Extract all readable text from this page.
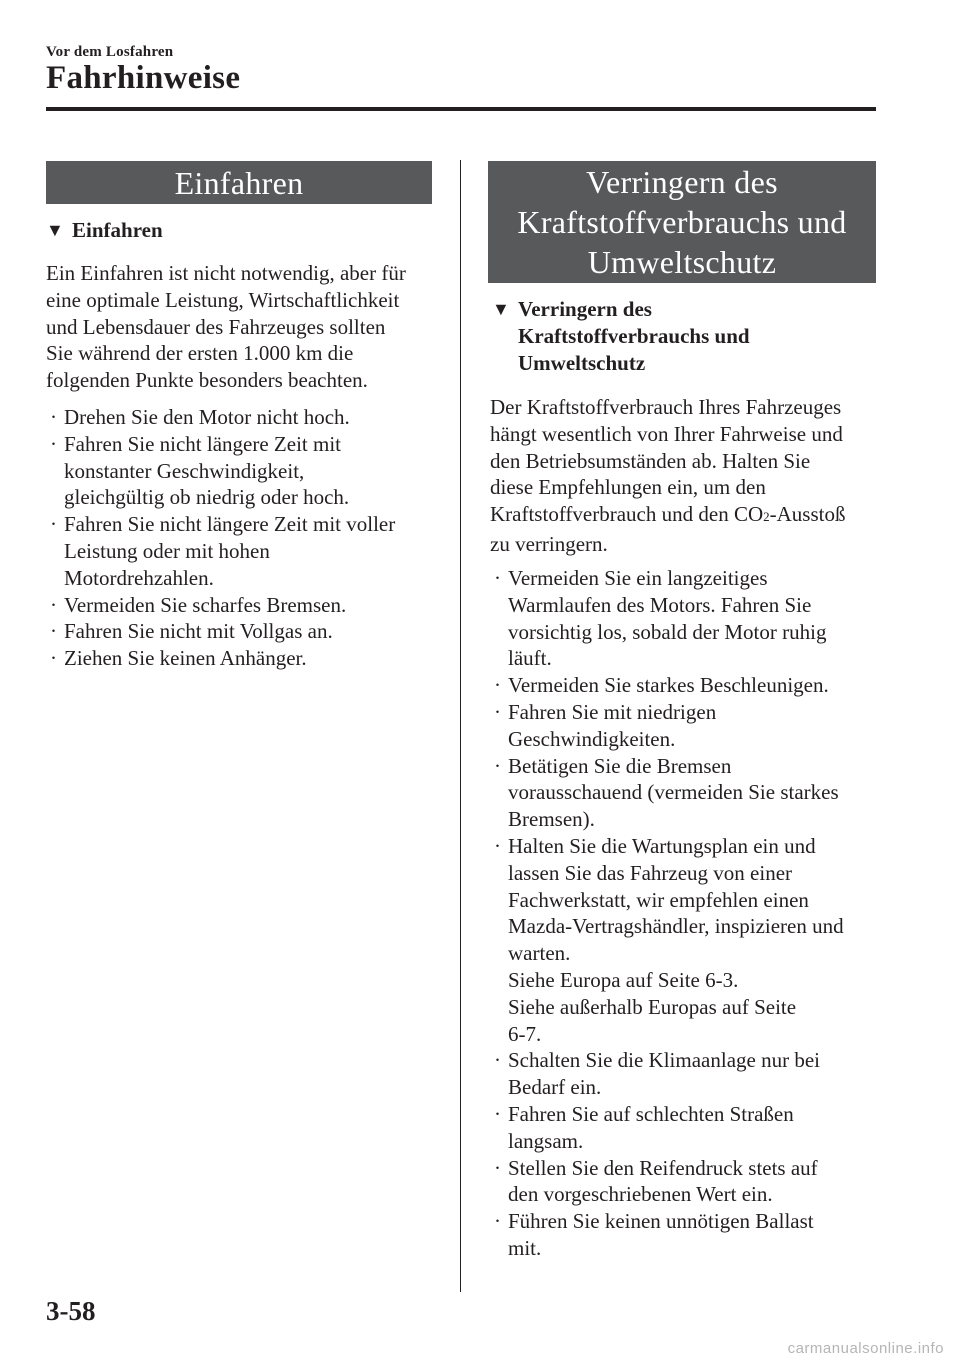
Vor dem Losfahren
Fahrhinweise
Einfahren
▼ Einfahren
Ein Einfahren ist nicht notwendig, aber für
eine optimale Leistung, Wirtschaftlichkeit
und Lebensdauer des Fahrzeuges sollten
Sie während der ersten 1.000 km die
folgenden Punkte besonders beachten.
· Drehen Sie den Motor nicht hoch.
· Fahren Sie nicht längere Zeit mit
konstanter Geschwindigkeit,
gleichgültig ob niedrig oder hoch.
· Fahren Sie nicht längere Zeit mit voller
Leistung oder mit hohen
Motordrehzahlen.
· Vermeiden Sie scharfes Bremsen.
· Fahren Sie nicht mit Vollgas an.
· Ziehen Sie keinen Anhänger.
Verringern des
Kraftstoffverbrauchs und
Umweltschutz
▼ Verringern des
Kraftstoffverbrauchs und
Umweltschutz
Der Kraftstoffverbrauch Ihres Fahrzeuges
hängt wesentlich von Ihrer Fahrweise und
den Betriebsumständen ab. Halten Sie
diese Empfehlungen ein, um den
Kraftstoffverbrauch und den CO2-Ausstoß
zu verringern.
· Vermeiden Sie ein langzeitiges
Warmlaufen des Motors. Fahren Sie
vorsichtig los, sobald der Motor ruhig
läuft.
· Vermeiden Sie starkes Beschleunigen.
· Fahren Sie mit niedrigen
Geschwindigkeiten.
· Betätigen Sie die Bremsen
vorausschauend (vermeiden Sie starkes
Bremsen).
· Halten Sie die Wartungsplan ein und
lassen Sie das Fahrzeug von einer
Fachwerkstatt, wir empfehlen einen
Mazda-Vertragshändler, inspizieren und
warten.
Siehe Europa auf Seite 6-3.
Siehe außerhalb Europas auf Seite
6-7.
· Schalten Sie die Klimaanlage nur bei
Bedarf ein.
· Fahren Sie auf schlechten Straßen
langsam.
· Stellen Sie den Reifendruck stets auf
den vorgeschriebenen Wert ein.
· Führen Sie keinen unnötigen Ballast
mit.
3-58
carmanualsonline.info
